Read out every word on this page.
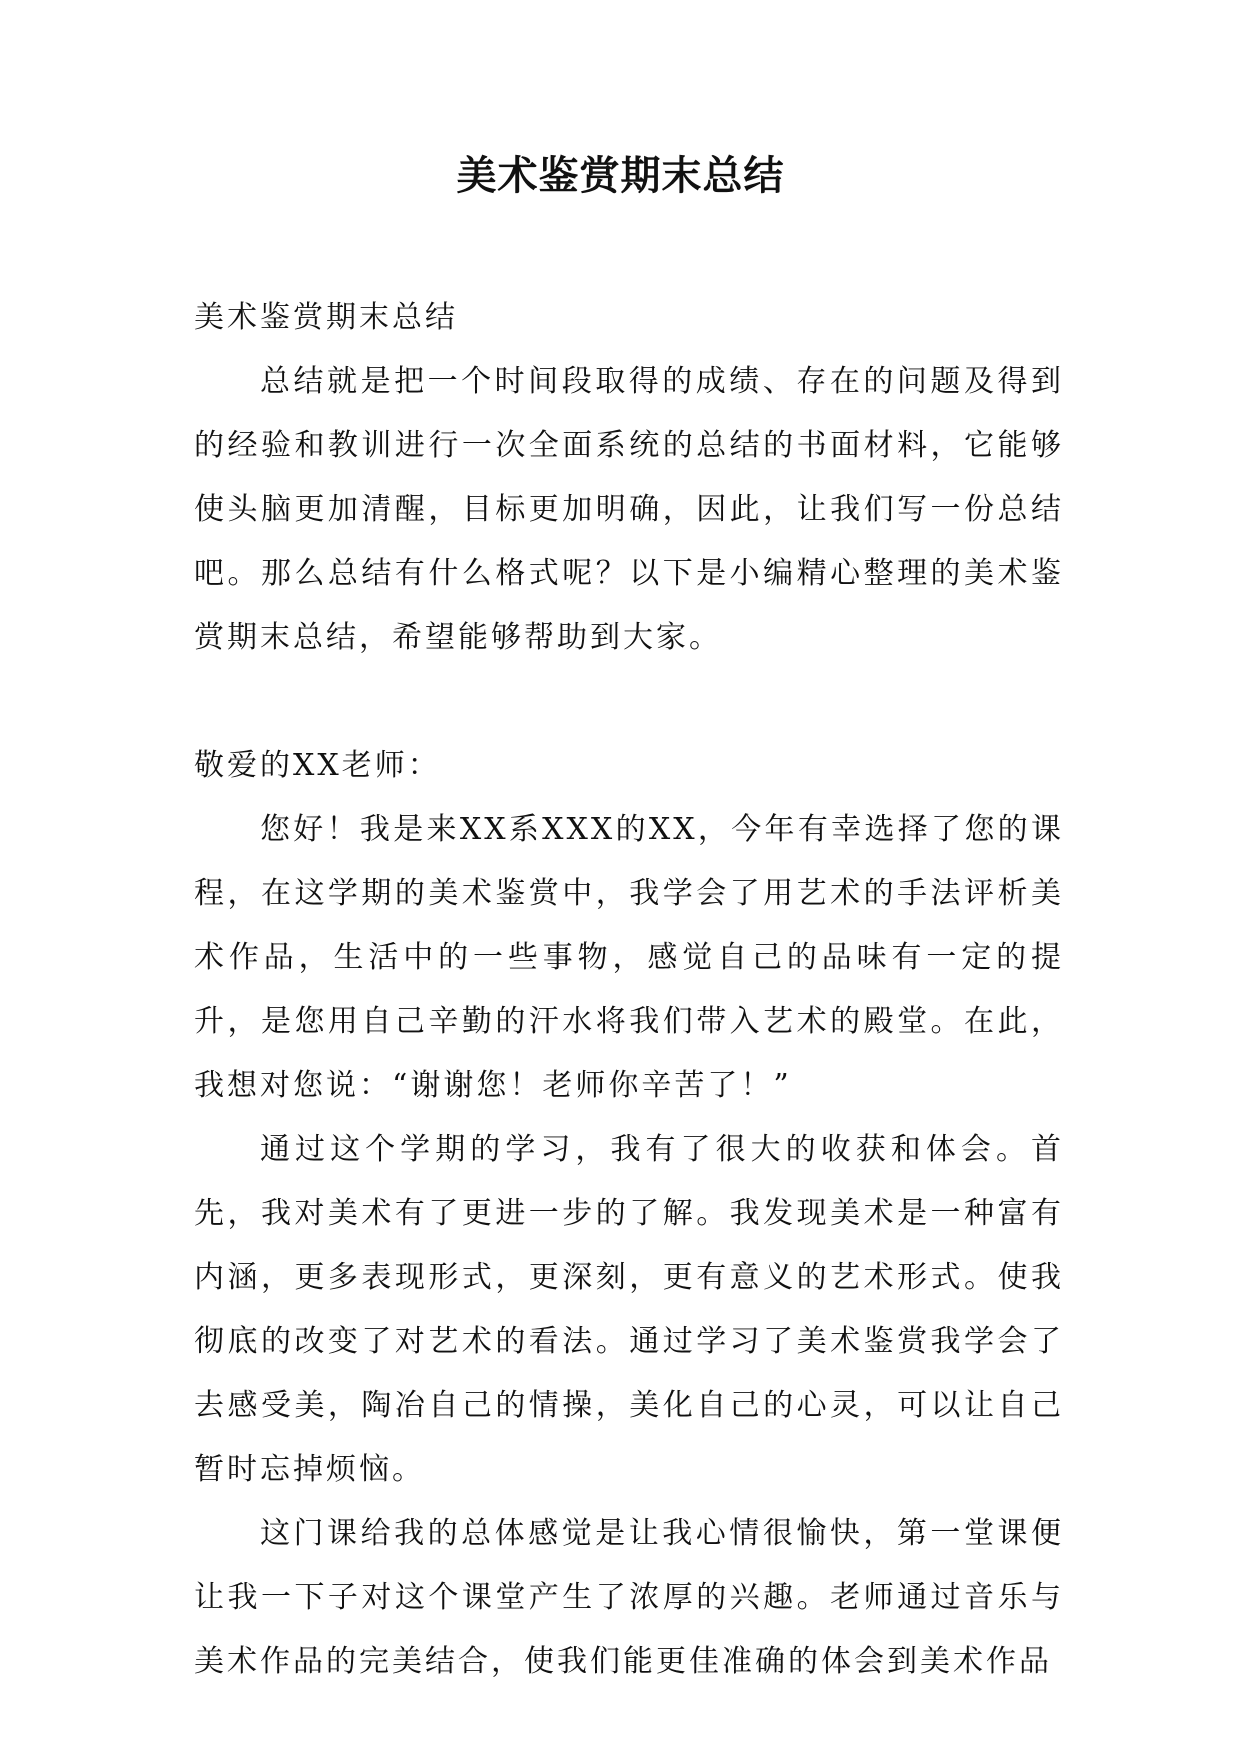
美术鉴赏期末总结

美术鉴赏期末总结

总结就是把一个时间段取得的成绩、存在的问题及得到的经验和教训进行一次全面系统的总结的书面材料，它能够使头脑更加清醒，目标更加明确，因此，让我们写一份总结吧。那么总结有什么格式呢？以下是小编精心整理的美术鉴赏期末总结，希望能够帮助到大家。

敬爱的XX老师：

您好！我是来XX系XXX的XX，今年有幸选择了您的课程，在这学期的美术鉴赏中，我学会了用艺术的手法评析美术作品，生活中的一些事物，感觉自己的品味有一定的提升，是您用自己辛勤的汗水将我们带入艺术的殿堂。在此，我想对您说：“谢谢您！老师你辛苦了！”

通过这个学期的学习，我有了很大的收获和体会。首先，我对美术有了更进一步的了解。我发现美术是一种富有内涵，更多表现形式，更深刻，更有意义的艺术形式。使我彻底的改变了对艺术的看法。通过学习了美术鉴赏我学会了去感受美，陶冶自己的情操，美化自己的心灵，可以让自己暂时忘掉烦恼。

这门课给我的总体感觉是让我心情很愉快，第一堂课便让我一下子对这个课堂产生了浓厚的兴趣。老师通过音乐与美术作品的完美结合，使我们能更佳准确的体会到美术作品
